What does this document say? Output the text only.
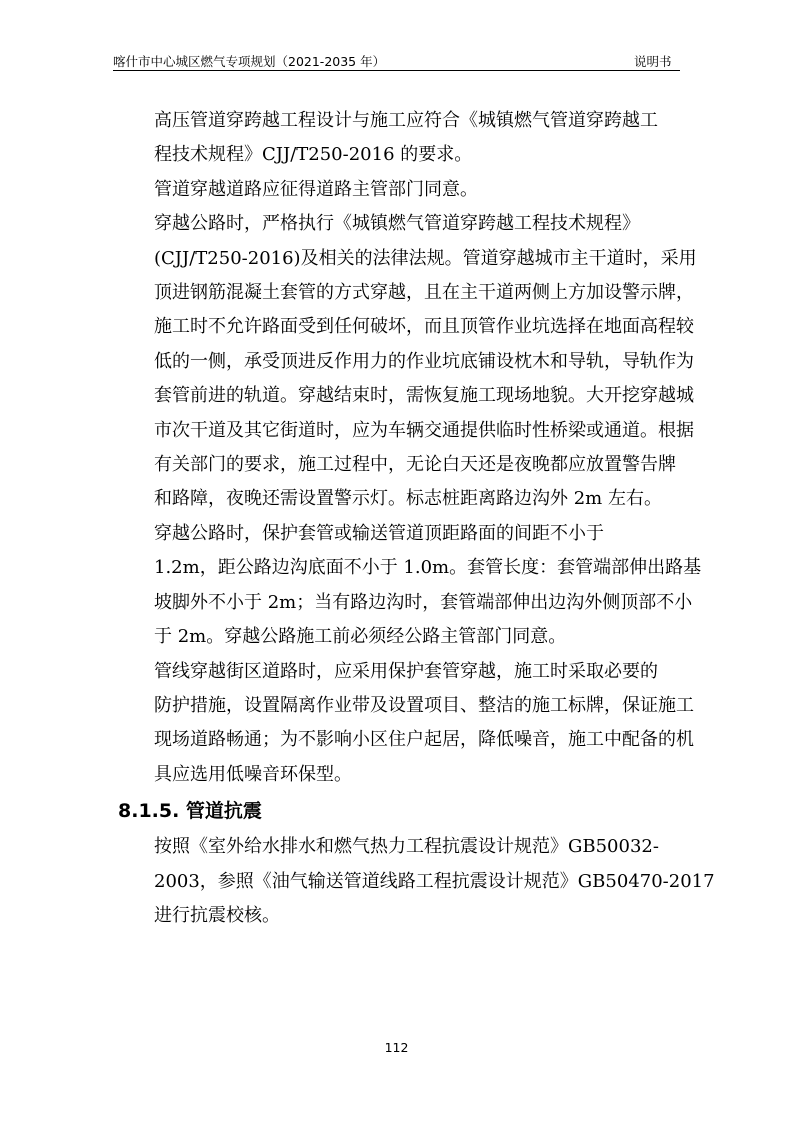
喀什市中心城区燃气专项规划（2021-2035 年）	说明书

高压管道穿跨越工程设计与施工应符合《城镇燃气管道穿跨越工
程技术规程》CJJ/T250-2016 的要求。

管道穿越道路应征得道路主管部门同意。

穿越公路时，严格执行《城镇燃气管道穿跨越工程技术规程》
(CJJ/T250-2016)及相关的法律法规。管道穿越城市主干道时，采用
顶进钢筋混凝土套管的方式穿越，且在主干道两侧上方加设警示牌，
施工时不允许路面受到任何破坏，而且顶管作业坑选择在地面高程较
低的一侧，承受顶进反作用力的作业坑底铺设枕木和导轨，导轨作为
套管前进的轨道。穿越结束时，需恢复施工现场地貌。大开挖穿越城
市次干道及其它街道时，应为车辆交通提供临时性桥梁或通道。根据
有关部门的要求，施工过程中，无论白天还是夜晚都应放置警告牌
和路障，夜晚还需设置警示灯。标志桩距离路边沟外 2m 左右。

穿越公路时，保护套管或输送管道顶距路面的间距不小于
1.2m，距公路边沟底面不小于 1.0m。套管长度：套管端部伸出路基
坡脚外不小于 2m；当有路边沟时，套管端部伸出边沟外侧顶部不小
于 2m。穿越公路施工前必须经公路主管部门同意。

管线穿越街区道路时，应采用保护套管穿越，施工时采取必要的
防护措施，设置隔离作业带及设置项目、整洁的施工标牌，保证施工
现场道路畅通；为不影响小区住户起居，降低噪音，施工中配备的机
具应选用低噪音环保型。

8.1.5. 管道抗震

按照《室外给水排水和燃气热力工程抗震设计规范》GB50032-
2003，参照《油气输送管道线路工程抗震设计规范》GB50470-2017
进行抗震校核。

112
